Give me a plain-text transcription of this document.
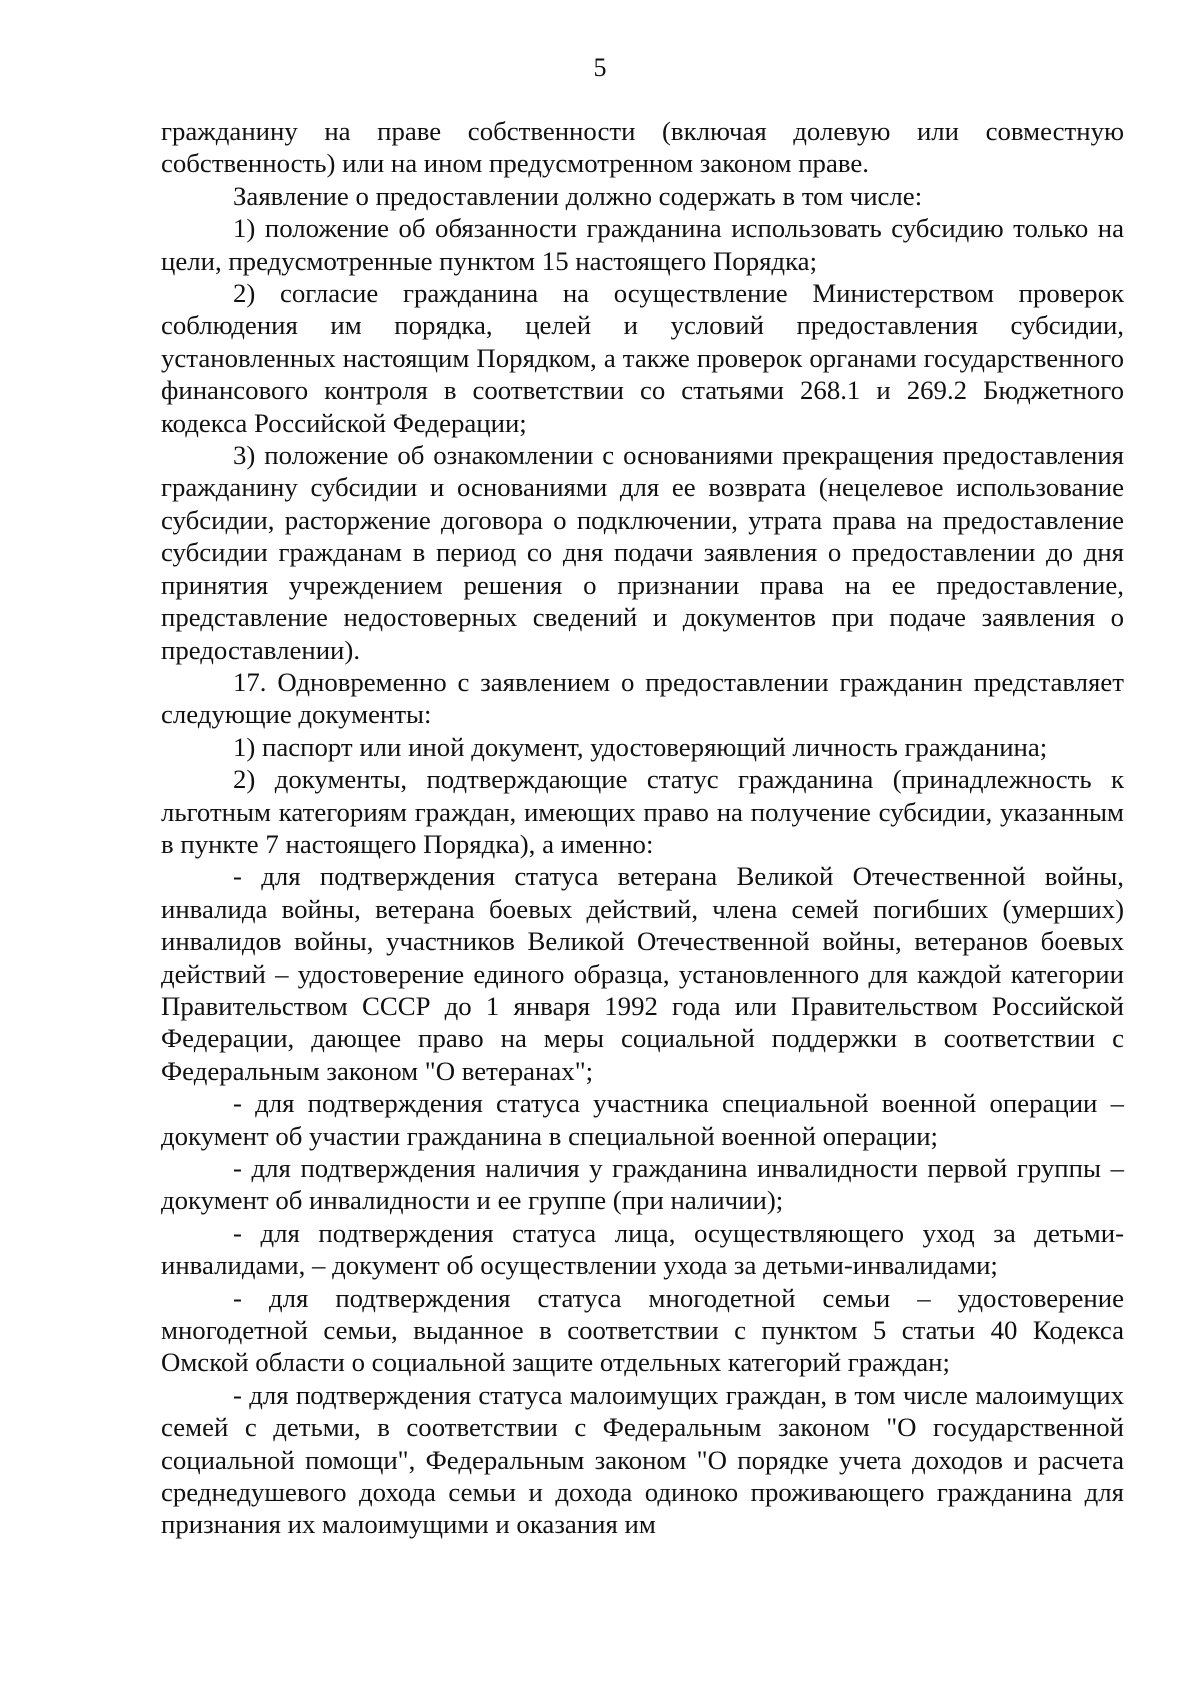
5

гражданину на праве собственности (включая долевую или совместную собственность) или на ином предусмотренном законом праве.

Заявление о предоставлении должно содержать в том числе:

1) положение об обязанности гражданина использовать субсидию только на цели, предусмотренные пунктом 15 настоящего Порядка;

2) согласие гражданина на осуществление Министерством проверок соблюдения им порядка, целей и условий предоставления субсидии, установленных настоящим Порядком, а также проверок органами государственного финансового контроля в соответствии со статьями 268.1 и 269.2 Бюджетного кодекса Российской Федерации;

3) положение об ознакомлении с основаниями прекращения предоставления гражданину субсидии и основаниями для ее возврата (нецелевое использование субсидии, расторжение договора о подключении, утрата права на предоставление субсидии гражданам в период со дня подачи заявления о предоставлении до дня принятия учреждением решения о признании права на ее предоставление, представление недостоверных сведений и документов при подаче заявления о предоставлении).

17. Одновременно с заявлением о предоставлении гражданин представляет следующие документы:

1) паспорт или иной документ, удостоверяющий личность гражданина;

2) документы, подтверждающие статус гражданина (принадлежность к льготным категориям граждан, имеющих право на получение субсидии, указанным в пункте 7 настоящего Порядка), а именно:

- для подтверждения статуса ветерана Великой Отечественной войны, инвалида войны, ветерана боевых действий, члена семей погибших (умерших) инвалидов войны, участников Великой Отечественной войны, ветеранов боевых действий – удостоверение единого образца, установленного для каждой категории Правительством СССР до 1 января 1992 года или Правительством Российской Федерации, дающее право на меры социальной поддержки в соответствии с Федеральным законом "О ветеранах";

- для подтверждения статуса участника специальной военной операции – документ об участии гражданина в специальной военной операции;

- для подтверждения наличия у гражданина инвалидности первой группы – документ об инвалидности и ее группе (при наличии);

- для подтверждения статуса лица, осуществляющего уход за детьми-инвалидами, – документ об осуществлении ухода за детьми-инвалидами;

- для подтверждения статуса многодетной семьи – удостоверение многодетной семьи, выданное в соответствии с пунктом 5 статьи 40 Кодекса Омской области о социальной защите отдельных категорий граждан;

- для подтверждения статуса малоимущих граждан, в том числе малоимущих семей с детьми, в соответствии с Федеральным законом "О государственной социальной помощи", Федеральным законом "О порядке учета доходов и расчета среднедушевого дохода семьи и дохода одиноко проживающего гражданина для признания их малоимущими и оказания им
